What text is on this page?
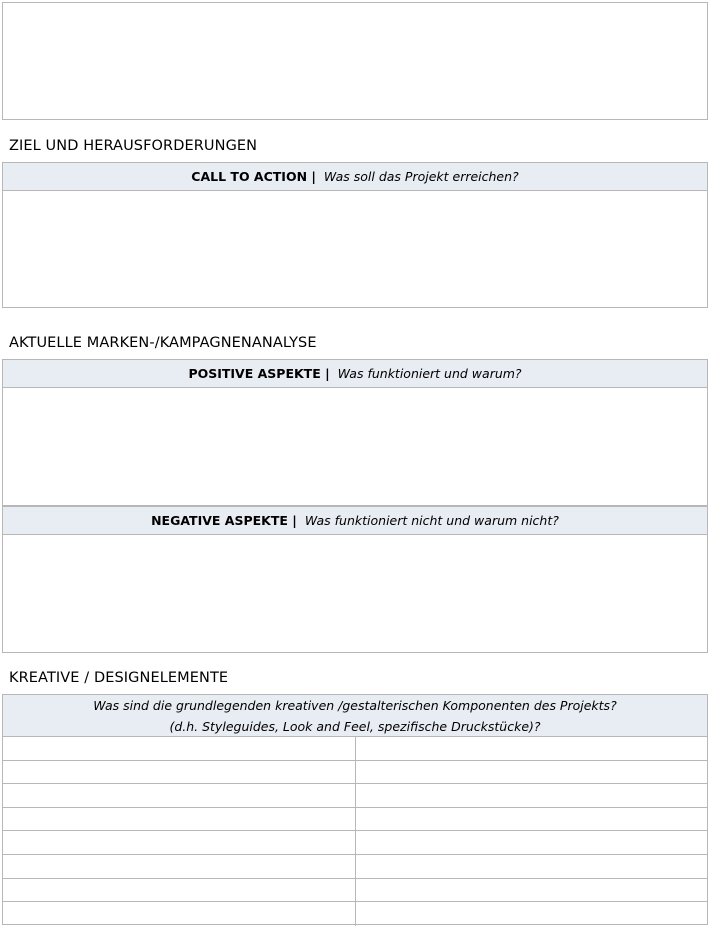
ZIEL UND HERAUSFORDERUNGEN
CALL TO ACTION |
Was soll das Projekt erreichen?
AKTUELLE MARKEN-/KAMPAGNENANALYSE
POSITIVE ASPEKTE |
Was funktioniert und warum?
NEGATIVE ASPEKTE |
Was funktioniert nicht und warum nicht?
KREATIVE / DESIGNELEMENTE
Was sind die grundlegenden kreativen /gestalterischen Komponenten des Projekts?
(d.h. Styleguides, Look and Feel, spezifische Druckstücke)?
